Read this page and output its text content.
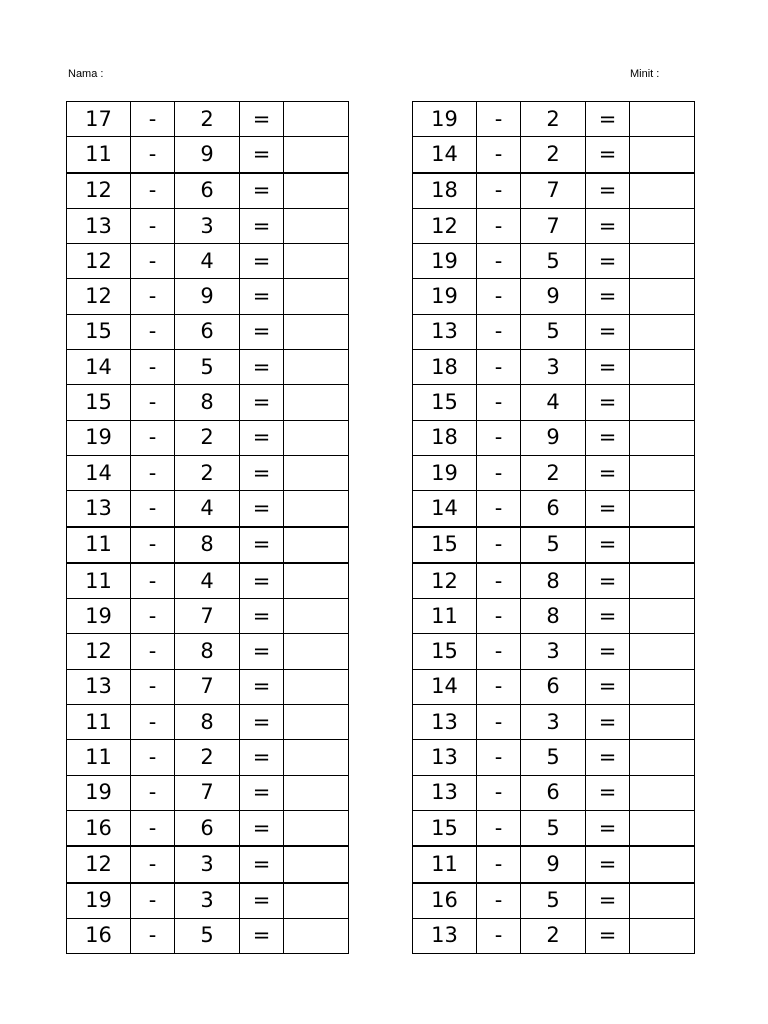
Nama :	Minit :
17	-	2	=	
11	-	9	=	
12	-	6	=	
13	-	3	=	
12	-	4	=	
12	-	9	=	
15	-	6	=	
14	-	5	=	
15	-	8	=	
19	-	2	=	
14	-	2	=	
13	-	4	=	
11	-	8	=	
11	-	4	=	
19	-	7	=	
12	-	8	=	
13	-	7	=	
11	-	8	=	
11	-	2	=	
19	-	7	=	
16	-	6	=	
12	-	3	=	
19	-	3	=	
16	-	5	=	
19	-	2	=	
14	-	2	=	
18	-	7	=	
12	-	7	=	
19	-	5	=	
19	-	9	=	
13	-	5	=	
18	-	3	=	
15	-	4	=	
18	-	9	=	
19	-	2	=	
14	-	6	=	
15	-	5	=	
12	-	8	=	
11	-	8	=	
15	-	3	=	
14	-	6	=	
13	-	3	=	
13	-	5	=	
13	-	6	=	
15	-	5	=	
11	-	9	=	
16	-	5	=	
13	-	2	=	
